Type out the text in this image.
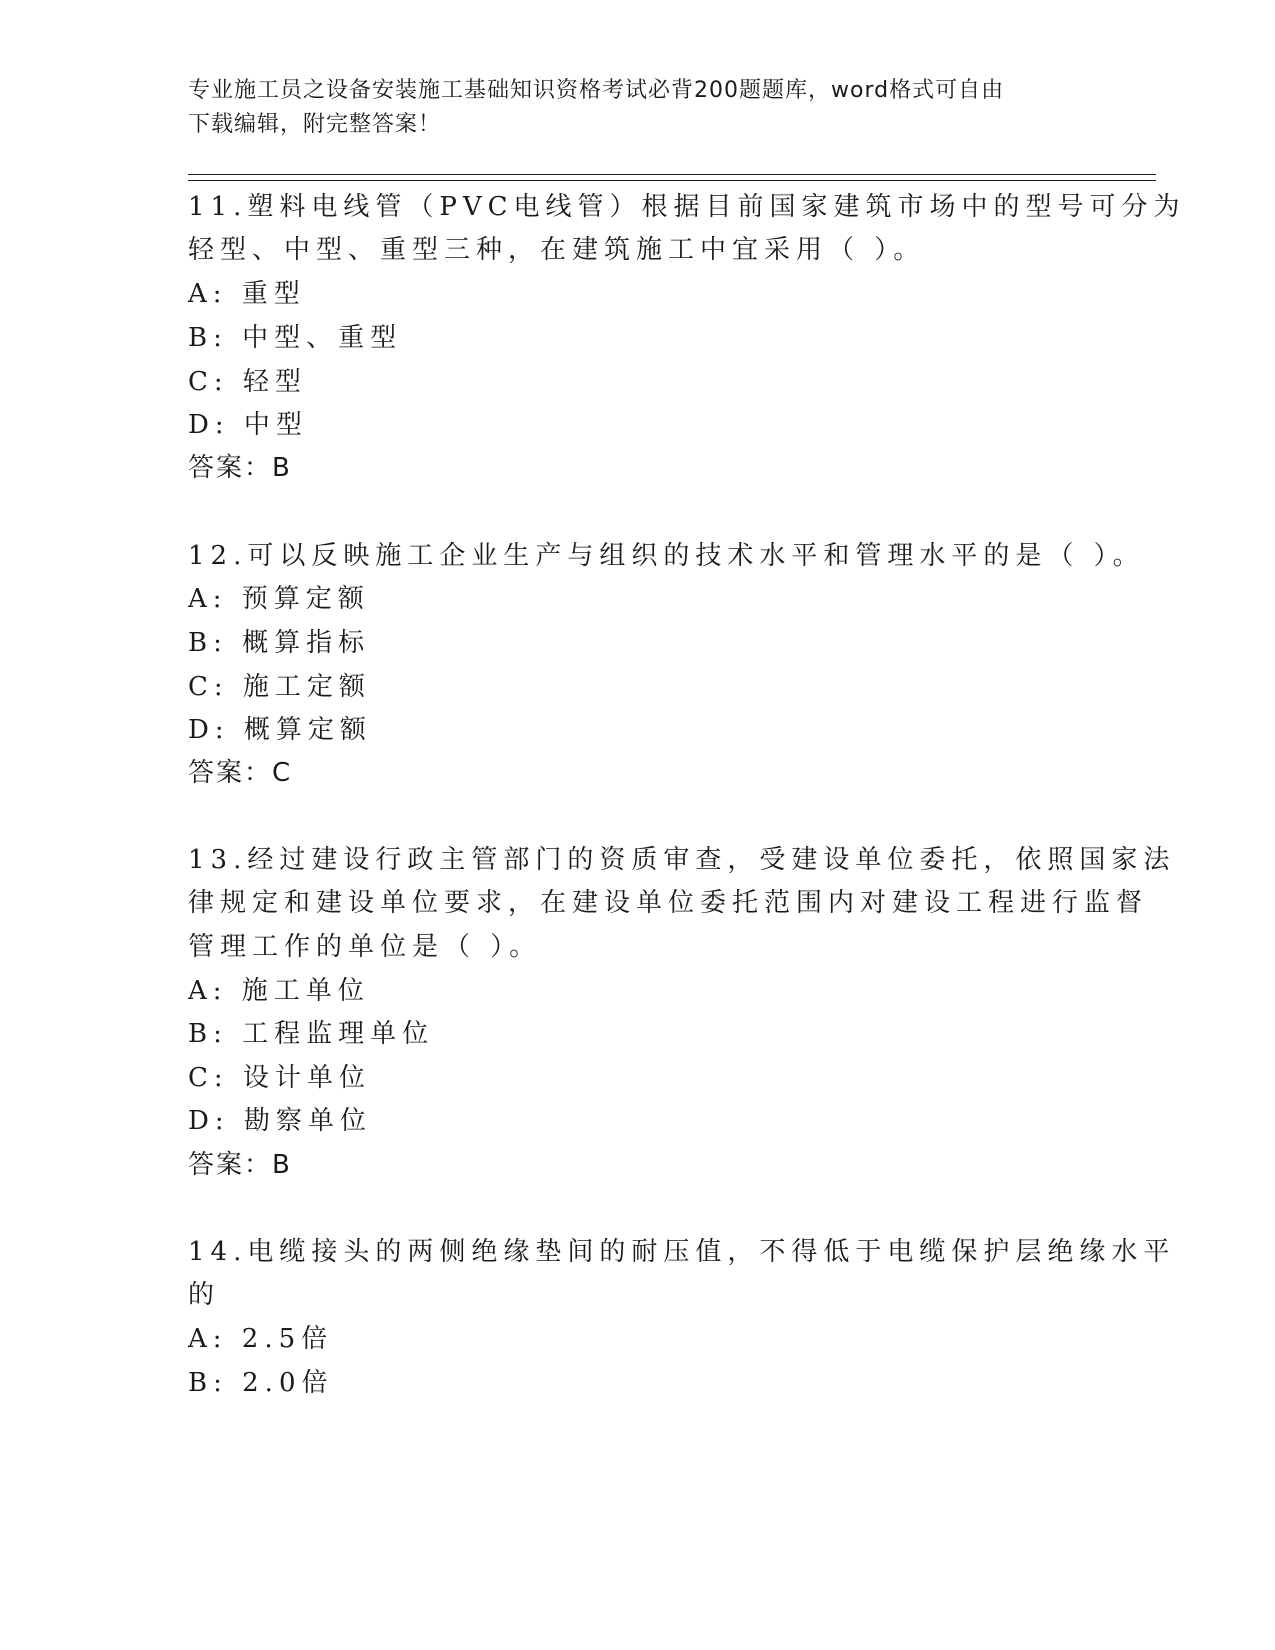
专业施工员之设备安装施工基础知识资格考试必背200题题库，word格式可自由
下载编辑，附完整答案！
11.塑料电线管（PVC电线管）根据目前国家建筑市场中的型号可分为
轻型、中型、重型三种，在建筑施工中宜采用（ ）。
A: 重型
B: 中型、重型
C: 轻型
D: 中型
答案：B
12.可以反映施工企业生产与组织的技术水平和管理水平的是（ ）。
A: 预算定额
B: 概算指标
C: 施工定额
D: 概算定额
答案：C
13.经过建设行政主管部门的资质审查，受建设单位委托，依照国家法
律规定和建设单位要求，在建设单位委托范围内对建设工程进行监督
管理工作的单位是（ ）。
A: 施工单位
B: 工程监理单位
C: 设计单位
D: 勘察单位
答案：B
14.电缆接头的两侧绝缘垫间的耐压值，不得低于电缆保护层绝缘水平
的
A: 2.5倍
B: 2.0倍
